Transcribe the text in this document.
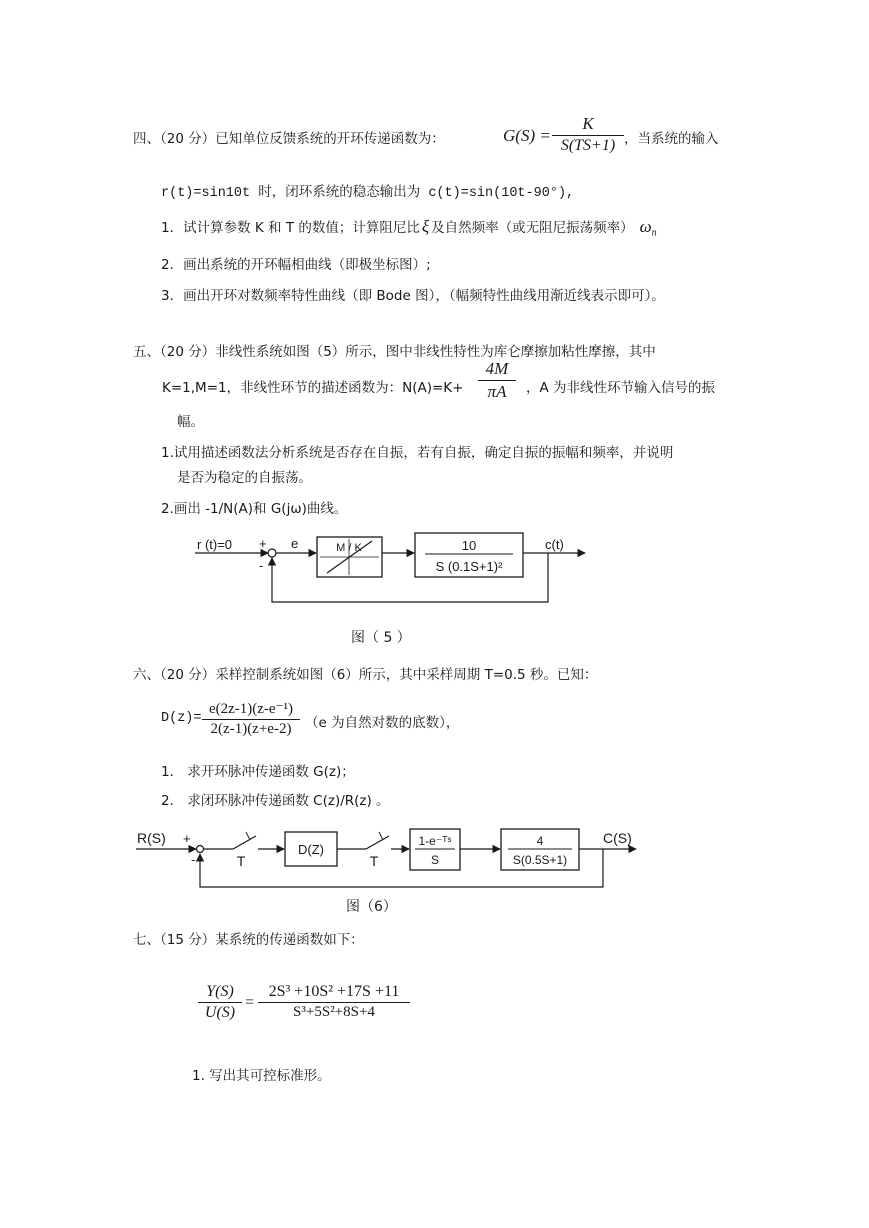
四、（20 分）已知单位反馈系统的开环传递函数为：	G(S) =
K
S(TS+1) ，当系统的输入
r(t)=sin10t 时，闭环系统的稳态输出为 c(t)=sin(10t-90°),
1．试计算参数 K 和 T 的数值；计算阻尼比 ξ 及自然频率（或无阻尼振荡频率） $\omega_n$
2．画出系统的开环幅相曲线（即极坐标图）;
3．画出开环对数频率特性曲线（即 Bode 图），（幅频特性曲线用渐近线表示即可）。
五、（20 分）非线性系统如图（5）所示，图中非线性特性为库仑摩擦加粘性摩擦，其中
K=1,M=1，非线性环节的描述函数为：N(A)=K+
4M
πA ，A 为非线性环节输入信号的振
幅。
1.试用描述函数法分析系统是否存在自振，若有自振，确定自振的振幅和频率，并说明
是否为稳定的自振荡。
2.画出 -1/N(A)和 G(jω)曲线。
r (t)=0 + e
-
M / K	10
S (0.1S+1)²
c(t)
图（ 5 ）
六、（20 分）采样控制系统如图（6）所示，其中采样周期 T=0.5 秒。已知：
D(z)=
e(2z-1)(z-e⁻¹)
2(z-1)(z+e-2) （e 为自然对数的底数），
1． 求开环脉冲传递函数 G(z)；
2． 求闭环脉冲传递函数 C(z)/R(z) 。
R(S) +
-	T
D(Z)
T
1-e⁻ᵀˢ
S
4
S(0.5S+1)
C(S)
图（6）
七、（15 分）某系统的传递函数如下：
Y(S)
U(S)
=
2S³ +10S² +17S +11
S³+5S²+8S+4
1. 写出其可控标准形。
